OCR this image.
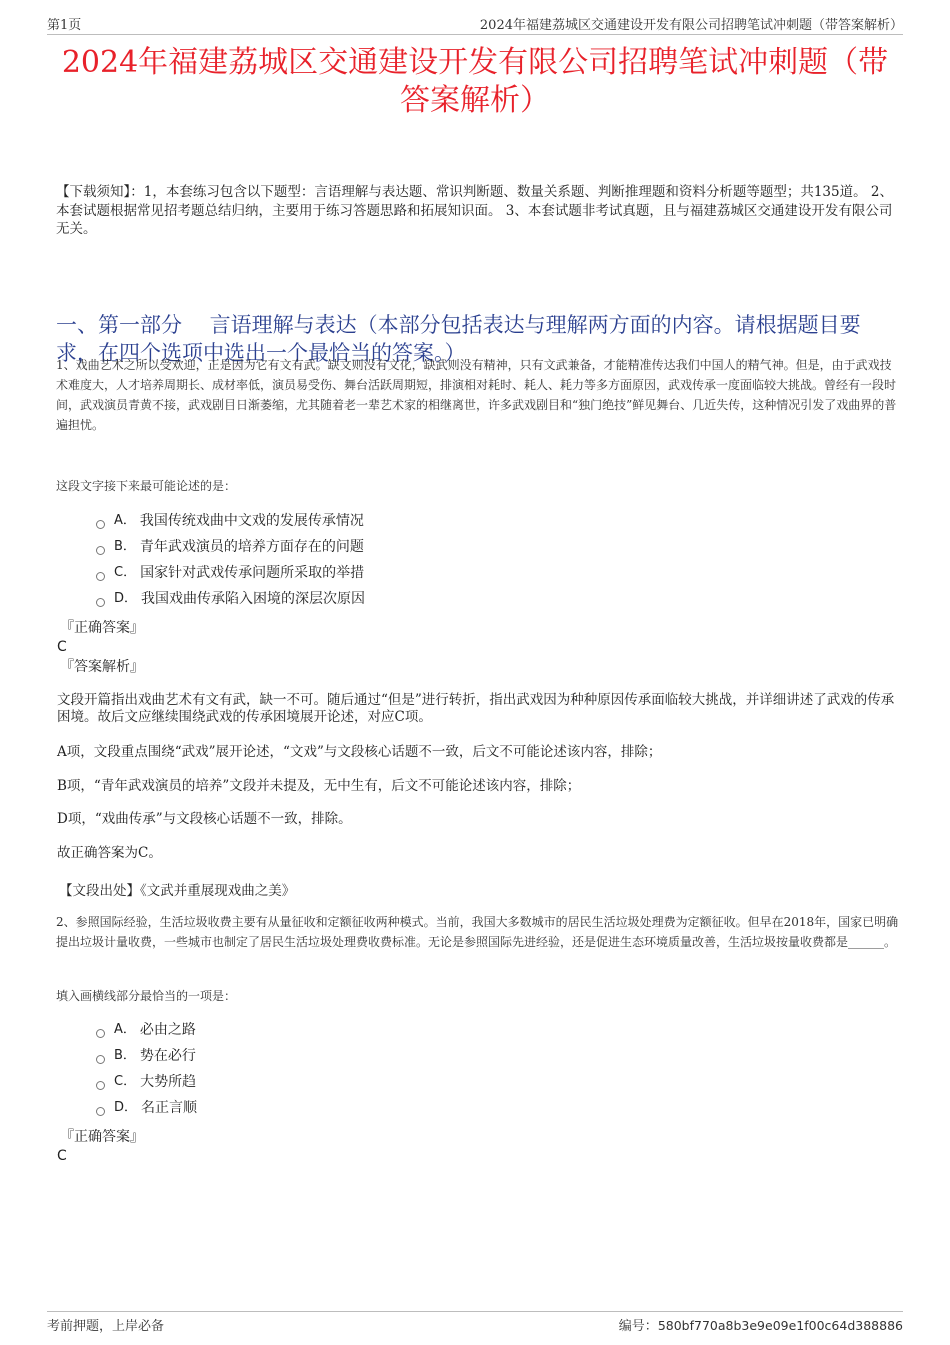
第1页	2024年福建荔城区交通建设开发有限公司招聘笔试冲刺题（带答案解析）
2024年福建荔城区交通建设开发有限公司招聘笔试冲刺题（带答案解析）
【下载须知】：1，本套练习包含以下题型：言语理解与表达题、常识判断题、数量关系题、判断推理题和资料分析题等题型；共135道。 2、本套试题根据常见招考题总结归纳，主要用于练习答题思路和拓展知识面。 3、本套试题非考试真题，且与福建荔城区交通建设开发有限公司无关。
一、第一部分　 言语理解与表达（本部分包括表达与理解两方面的内容。请根据题目要求，在四个选项中选出一个最恰当的答案。）
1、戏曲艺术之所以受欢迎，正是因为它有文有武。缺文则没有文化，缺武则没有精神，只有文武兼备，才能精准传达我们中国人的精气神。但是，由于武戏技术难度大，人才培养周期长、成材率低，演员易受伤、舞台活跃周期短，排演相对耗时、耗人、耗力等多方面原因，武戏传承一度面临较大挑战。曾经有一段时间，武戏演员青黄不接，武戏剧目日渐萎缩，尤其随着老一辈艺术家的相继离世，许多武戏剧目和“独门绝技”鲜见舞台、几近失传，这种情况引发了戏曲界的普遍担忧。
这段文字接下来最可能论述的是：
A． 我国传统戏曲中文戏的发展传承情况
B． 青年武戏演员的培养方面存在的问题
C． 国家针对武戏传承问题所采取的举措
D． 我国戏曲传承陷入困境的深层次原因
『正确答案』
C
『答案解析』
文段开篇指出戏曲艺术有文有武，缺一不可。随后通过“但是”进行转折，指出武戏因为种种原因传承面临较大挑战，并详细讲述了武戏的传承困境。故后文应继续围绕武戏的传承困境展开论述，对应C项。
A项，文段重点围绕“武戏”展开论述，“文戏”与文段核心话题不一致，后文不可能论述该内容，排除；
B项，“青年武戏演员的培养”文段并未提及，无中生有，后文不可能论述该内容，排除；
D项，“戏曲传承”与文段核心话题不一致，排除。
故正确答案为C。
【文段出处】《文武并重展现戏曲之美》
2、参照国际经验，生活垃圾收费主要有从量征收和定额征收两种模式。当前，我国大多数城市的居民生活垃圾处理费为定额征收。但早在2018年，国家已明确提出垃圾计量收费，一些城市也制定了居民生活垃圾处理费收费标准。无论是参照国际先进经验，还是促进生态环境质量改善，生活垃圾按量收费都是______。
填入画横线部分最恰当的一项是：
A． 必由之路
B． 势在必行
C． 大势所趋
D． 名正言顺
『正确答案』
C
考前押题，上岸必备	编号：580bf770a8b3e9e09e1f00c64d388886
